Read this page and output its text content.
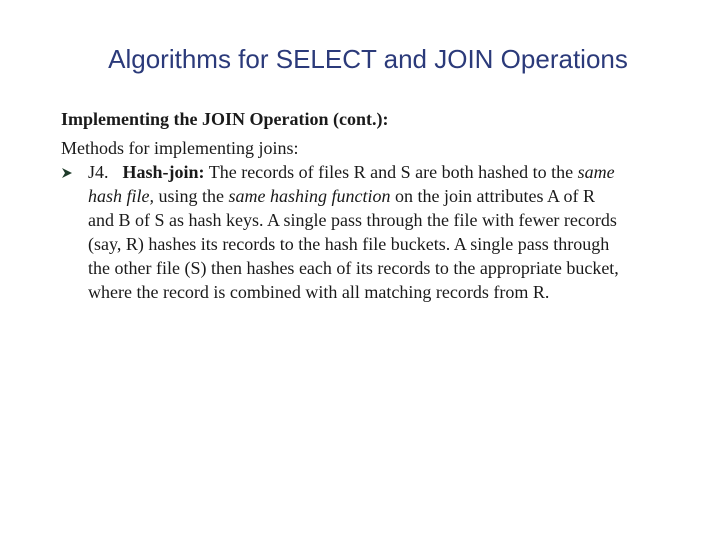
Algorithms for SELECT and JOIN Operations
Implementing the JOIN Operation (cont.):
Methods for implementing joins:
J4. Hash-join: The records of files R and S are both hashed to the same
hash file, using the same hashing function on the join attributes A of R
and B of S as hash keys. A single pass through the file with fewer records
(say, R) hashes its records to the hash file buckets. A single pass through
the other file (S) then hashes each of its records to the appropriate bucket,
where the record is combined with all matching records from R.
